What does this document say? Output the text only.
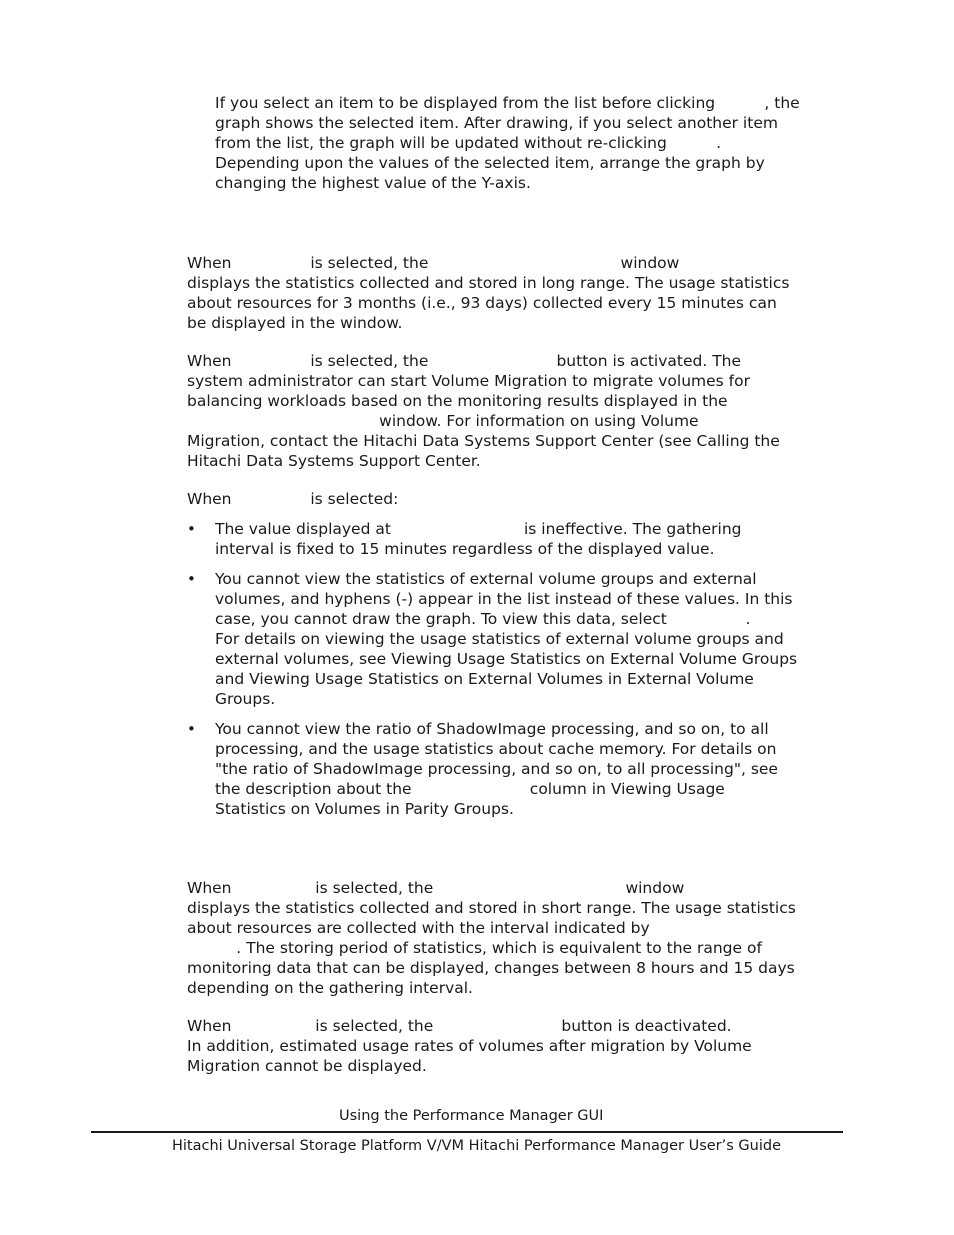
If you select an item to be displayed from the list before clicking          , the
graph shows the selected item. After drawing, if you select another item
from the list, the graph will be updated without re-clicking          .
Depending upon the values of the selected item, arrange the graph by
changing the highest value of the Y-axis.
When                is selected, the                                       window
displays the statistics collected and stored in long range. The usage statistics
about resources for 3 months (i.e., 93 days) collected every 15 minutes can
be displayed in the window.
When                is selected, the                          button is activated. The
system administrator can start Volume Migration to migrate volumes for
balancing workloads based on the monitoring results displayed in the
window. For information on using Volume
Migration, contact the Hitachi Data Systems Support Center (see Calling the
Hitachi Data Systems Support Center.
When                is selected:
• The value displayed at                           is ineffective. The gathering
interval is fixed to 15 minutes regardless of the displayed value.
• You cannot view the statistics of external volume groups and external
volumes, and hyphens (-) appear in the list instead of these values. In this
case, you cannot draw the graph. To view this data, select                .
For details on viewing the usage statistics of external volume groups and
external volumes, see Viewing Usage Statistics on External Volume Groups
and Viewing Usage Statistics on External Volumes in External Volume
Groups.
• You cannot view the ratio of ShadowImage processing, and so on, to all
processing, and the usage statistics about cache memory. For details on
"the ratio of ShadowImage processing, and so on, to all processing", see
the description about the                        column in Viewing Usage
Statistics on Volumes in Parity Groups.
When                 is selected, the                                       window
displays the statistics collected and stored in short range. The usage statistics
about resources are collected with the interval indicated by
. The storing period of statistics, which is equivalent to the range of
monitoring data that can be displayed, changes between 8 hours and 15 days
depending on the gathering interval.
When                 is selected, the                          button is deactivated.
In addition, estimated usage rates of volumes after migration by Volume
Migration cannot be displayed.
Using the Performance Manager GUI
Hitachi Universal Storage Platform V/VM Hitachi Performance Manager User’s Guide
